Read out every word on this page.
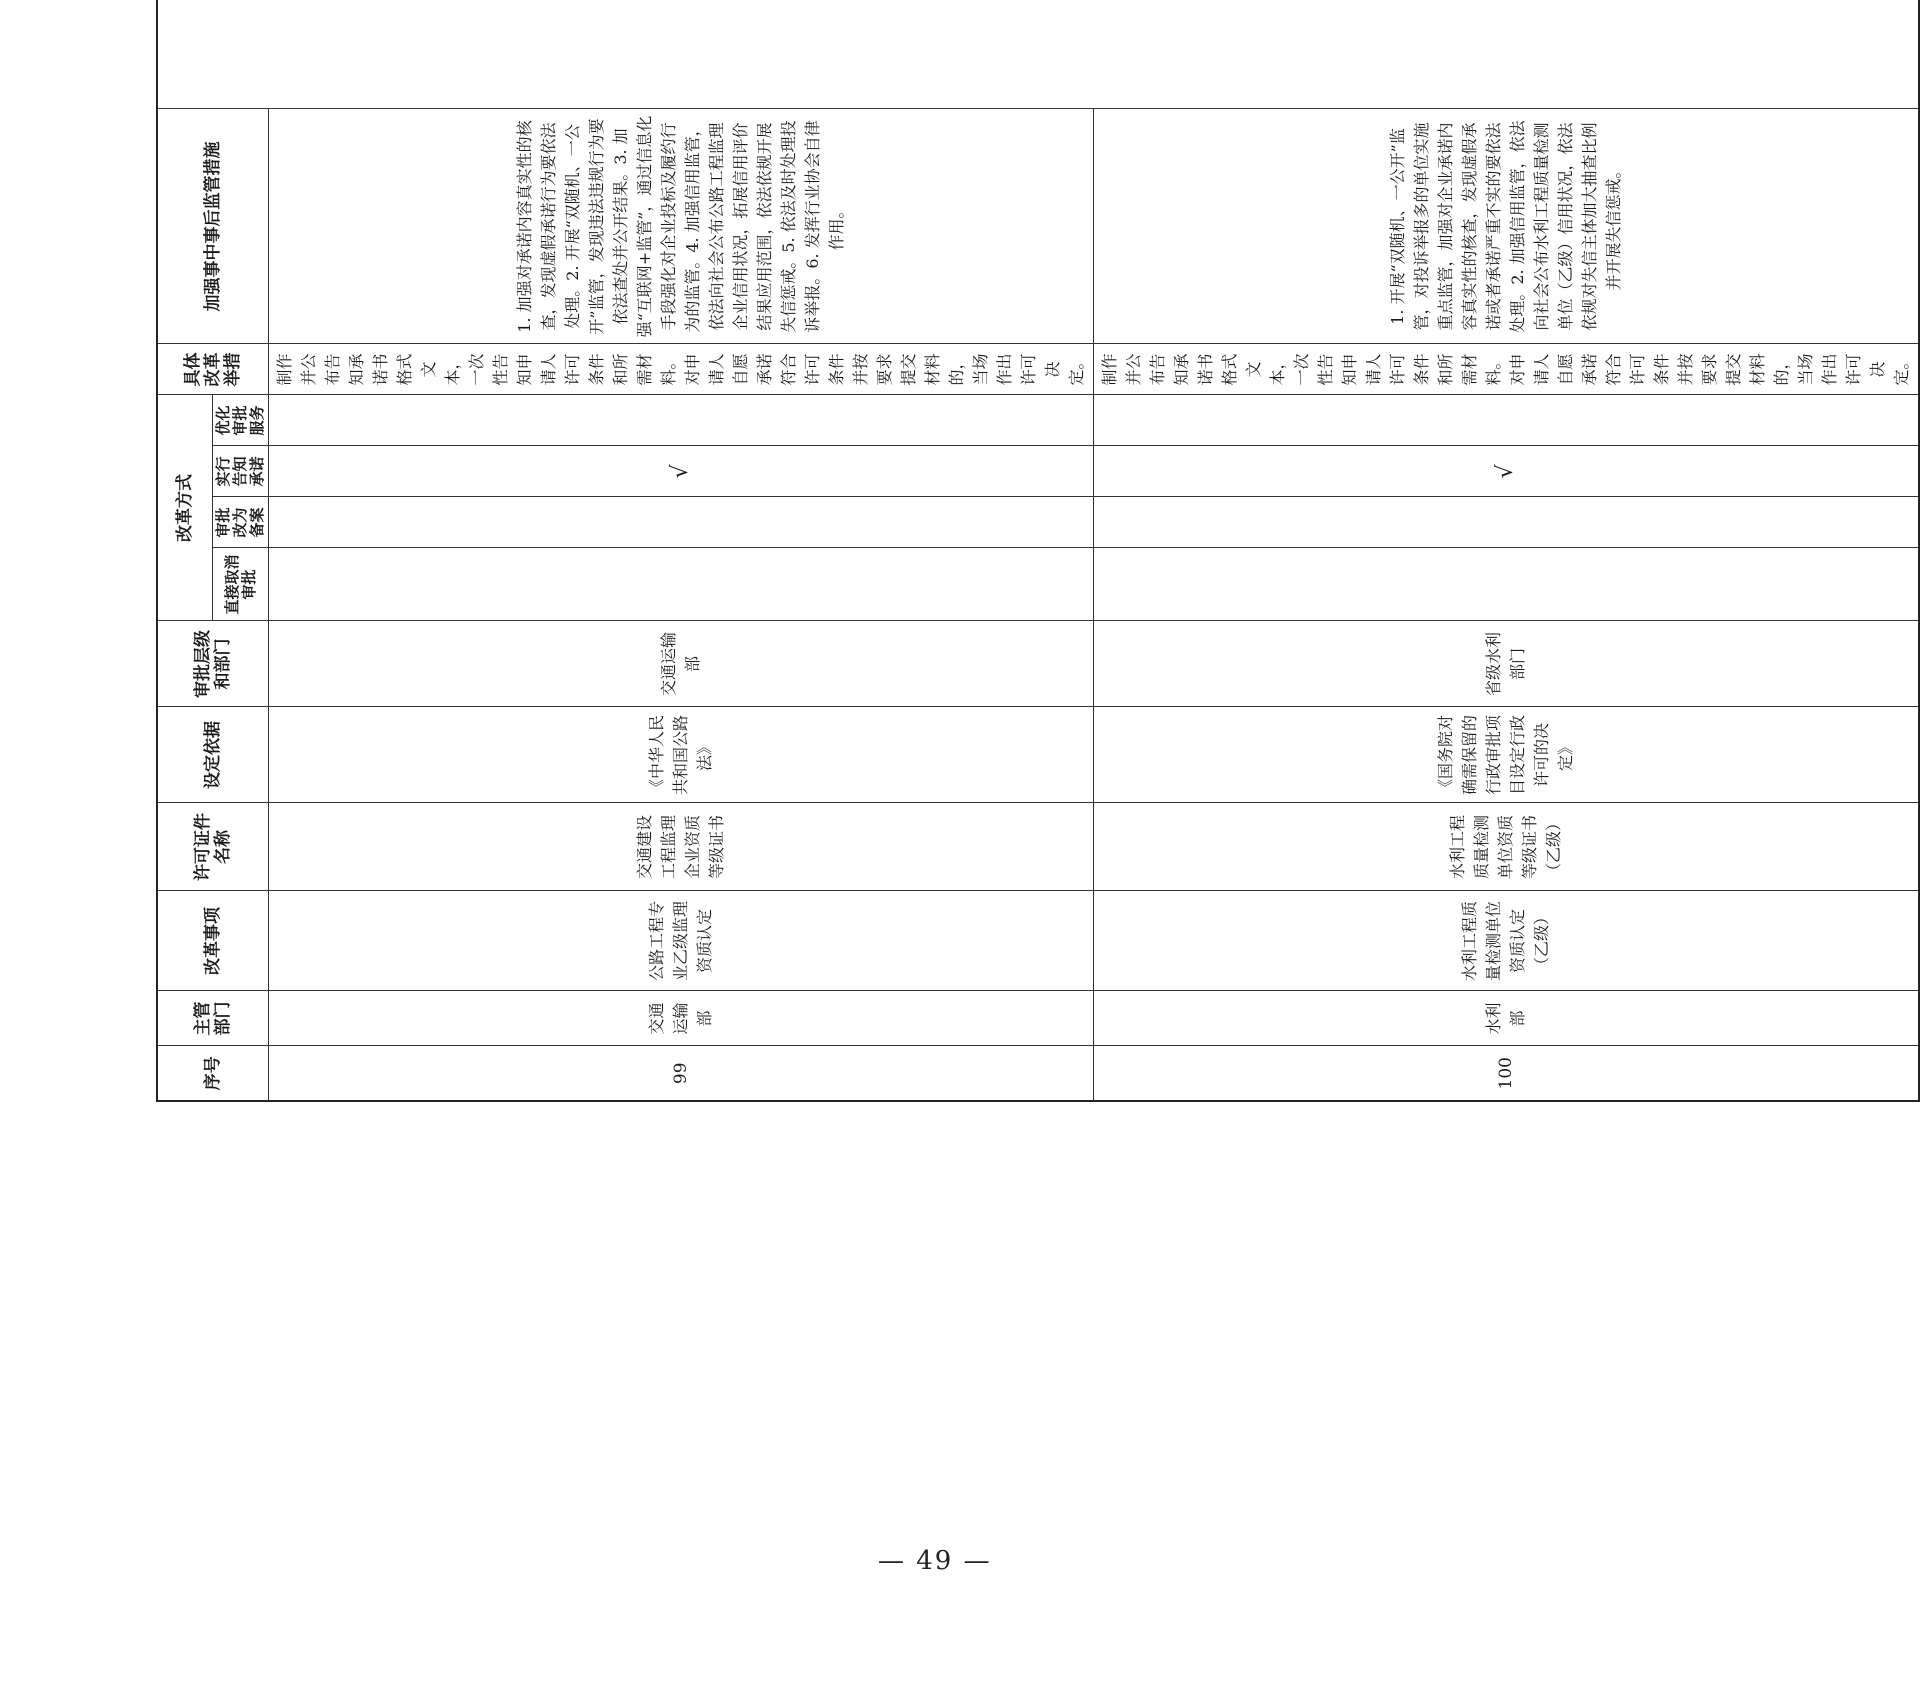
序号	主管部门	改革事项	许可证件名称	设定依据	审批层级和部门	改革方式				具体改革举措	加强事中事后监管措施
						直接取消审批	审批改为备案	实行告知承诺	优化审批服务		
99	交通运输部	公路工程专业乙级监理资质认定	交通建设工程监理企业资质等级证书	《中华人民共和国公路法》	交通运输部			√		制作并公布告知承诺书格式文本，一次性告知申请人许可条件和所需材料。对申请人自愿承诺符合许可条件并按要求提交材料的，当场作出许可决定。	1. 加强对承诺内容真实性的核查，发现虚假承诺行为要依法处理。2. 开展“双随机、一公开”监管，发现违法违规行为要依法查处并公开结果。3. 加强“互联网+监管”，通过信息化手段强化对企业投标及履约行为的监管。4. 加强信用监管，依法向社会公布公路工程监理企业信用状况，拓展信用评价结果应用范围，依法依规开展失信惩戒。5. 依法及时处理投诉举报。6. 发挥行业协会自律作用。
100	水利部	水利工程质量检测单位资质认定（乙级）	水利工程质量检测单位资质等级证书（乙级）	《国务院对确需保留的行政审批项目设定行政许可的决定》	省级水利部门			√		制作并公布告知承诺书格式文本，一次性告知申请人许可条件和所需材料。对申请人自愿承诺符合许可条件并按要求提交材料的，当场作出许可决定。	1. 开展“双随机、一公开”监管，对投诉举报多的单位实施重点监管，加强对企业承诺内容真实性的核查，发现虚假承诺或者承诺严重不实的要依法处理。2. 加强信用监管，依法向社会公布水利工程质量检测单位（乙级）信用状况，依法依规对失信主体加大抽查比例并开展失信惩戒。
— 49 —
